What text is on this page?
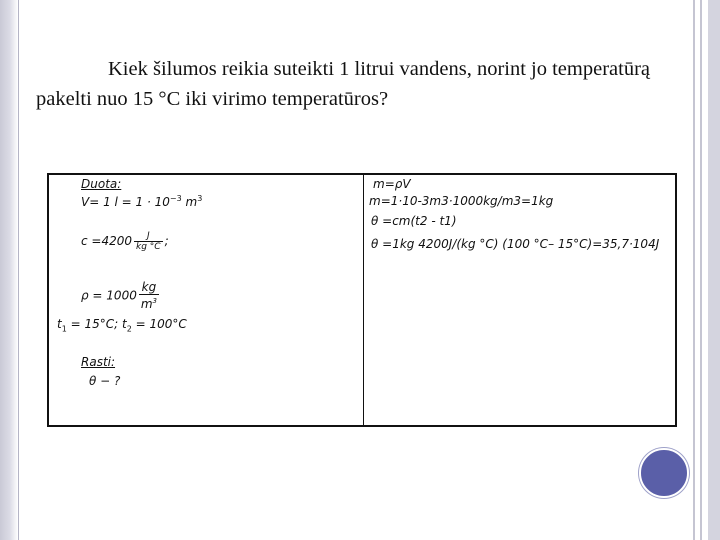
Kiek šilumos reikia suteikti 1 litrui vandens, norint jo temperatūrą pakelti nuo 15 °C iki virimo temperatūros?
Duota:
V= 1 $l = 1 \cdot 10^{-3}$ $m^3$
$c =4200 \frac{J}{kg ^\circ C}$ ;
$\rho = 1000 \frac{kg}{m^3}$
$t_1 = 15^\circ C$; $t_2 = 100^\circ C$
Rasti:
θ − ?
m=ρV
m=1·10-3m3·1000kg/m3=1kg
θ =cm(t2 - t1)
θ =1kg 4200J/(kg °C) (100 °C– 15°C)=35,7·104J
